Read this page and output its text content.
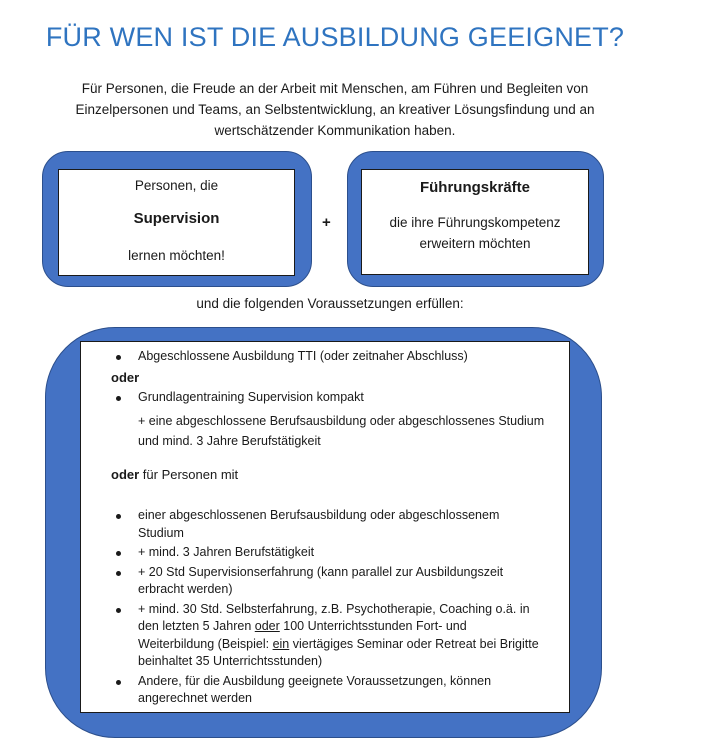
FÜR WEN IST DIE AUSBILDUNG GEEIGNET?

Für Personen, die Freude an der Arbeit mit Menschen, am Führen und Begleiten von Einzelpersonen und Teams, an Selbstentwicklung, an kreativer Lösungsfindung und an wertschätzender Kommunikation haben.

Personen, die
Supervision
lernen möchten!
+
Führungskräfte
die ihre Führungskompetenz
erweitern möchten
und die folgenden Voraussetzungen erfüllen:
Abgeschlossene Ausbildung TTI (oder zeitnaher Abschluss)
oder
Grundlagentraining Supervision kompakt
+ eine abgeschlossene Berufsausbildung oder abgeschlossenes Studium und mind. 3 Jahre Berufstätigkeit
oder für Personen mit
einer abgeschlossenen Berufsausbildung oder abgeschlossenem Studium
+ mind. 3 Jahren Berufstätigkeit
+ 20 Std Supervisionserfahrung (kann parallel zur Ausbildungszeit erbracht werden)
+ mind. 30 Std. Selbsterfahrung, z.B. Psychotherapie, Coaching o.ä. in den letzten 5 Jahren oder 100 Unterrichtsstunden Fort- und Weiterbildung (Beispiel: ein viertägiges Seminar oder Retreat bei Brigitte beinhaltet 35 Unterrichtsstunden)
Andere, für die Ausbildung geeignete Voraussetzungen, können angerechnet werden
